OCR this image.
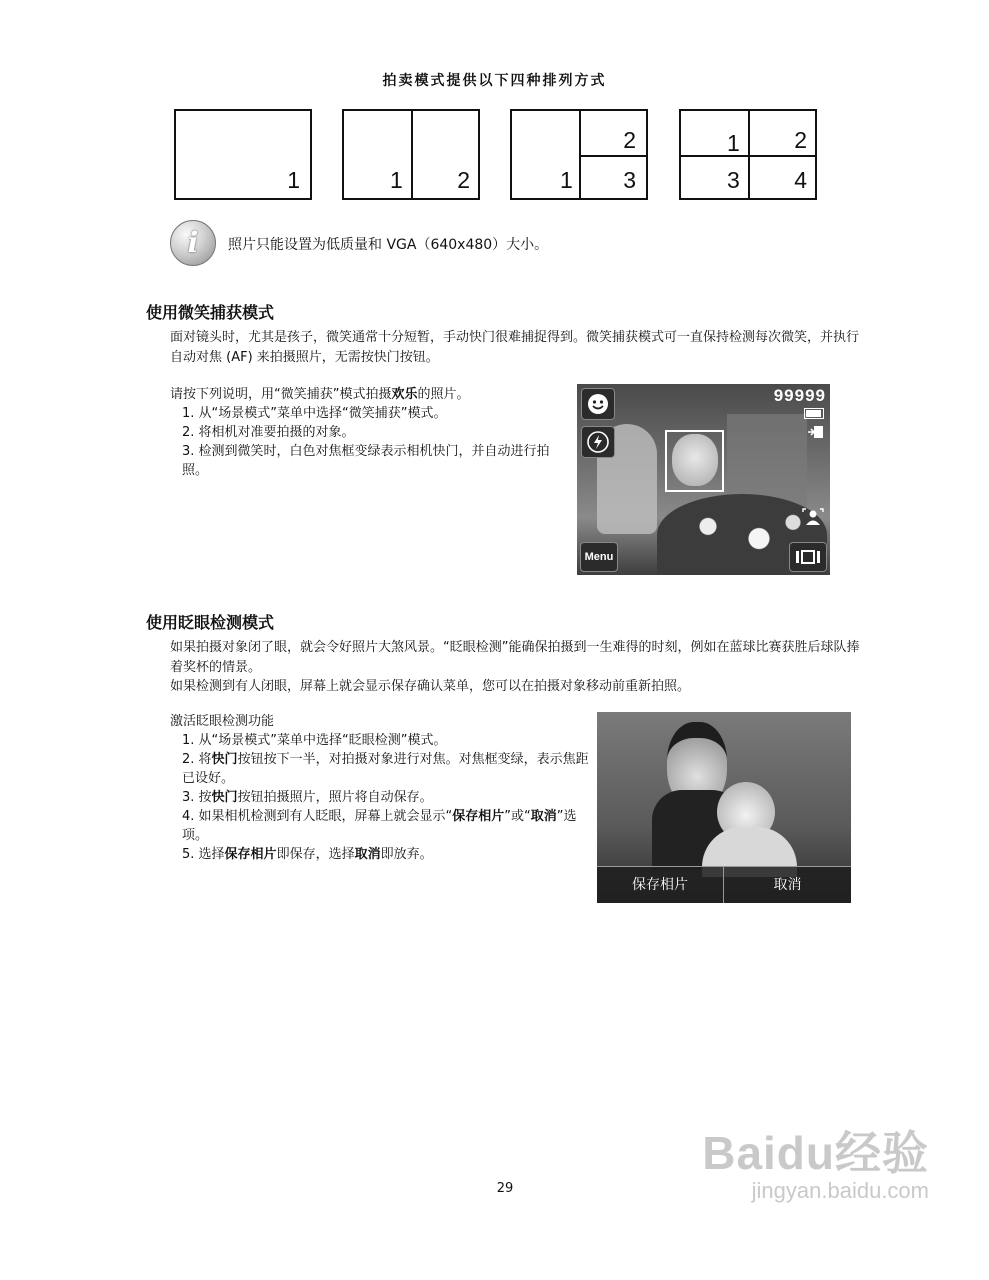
拍卖模式提供以下四种排列方式
1	1 2	1
2
3
1 2
3 4
i	照片只能设置为低质量和 VGA（640x480）大小。
使用微笑捕获模式
面对镜头时，尤其是孩子，微笑通常十分短暂，手动快门很难捕捉得到。微笑捕获模式可一直保持检测每次微笑，并执行自动对焦 (AF) 来拍摄照片，无需按快门按钮。
请按下列说明，用“微笑捕获”模式拍摄欢乐的照片。
1. 从“场景模式”菜单中选择“微笑捕获”模式。
2. 将相机对准要拍摄的对象。
3. 检测到微笑时，白色对焦框变绿表示相机快门，并自动进行拍照。
99999
Menu
使用眨眼检测模式
如果拍摄对象闭了眼，就会令好照片大煞风景。“眨眼检测”能确保拍摄到一生难得的时刻，例如在蓝球比赛获胜后球队捧着奖杯的情景。
如果检测到有人闭眼，屏幕上就会显示保存确认菜单，您可以在拍摄对象移动前重新拍照。
激活眨眼检测功能
1. 从“场景模式”菜单中选择“眨眼检测”模式。
2. 将快门按钮按下一半，对拍摄对象进行对焦。对焦框变绿，表示焦距已设好。
3. 按快门按钮拍摄照片，照片将自动保存。
4. 如果相机检测到有人眨眼，屏幕上就会显示“保存相片”或“取消”选项。
5. 选择保存相片即保存，选择取消即放弃。
保存相片	取消
29
Baidu经验
jingyan.baidu.com
